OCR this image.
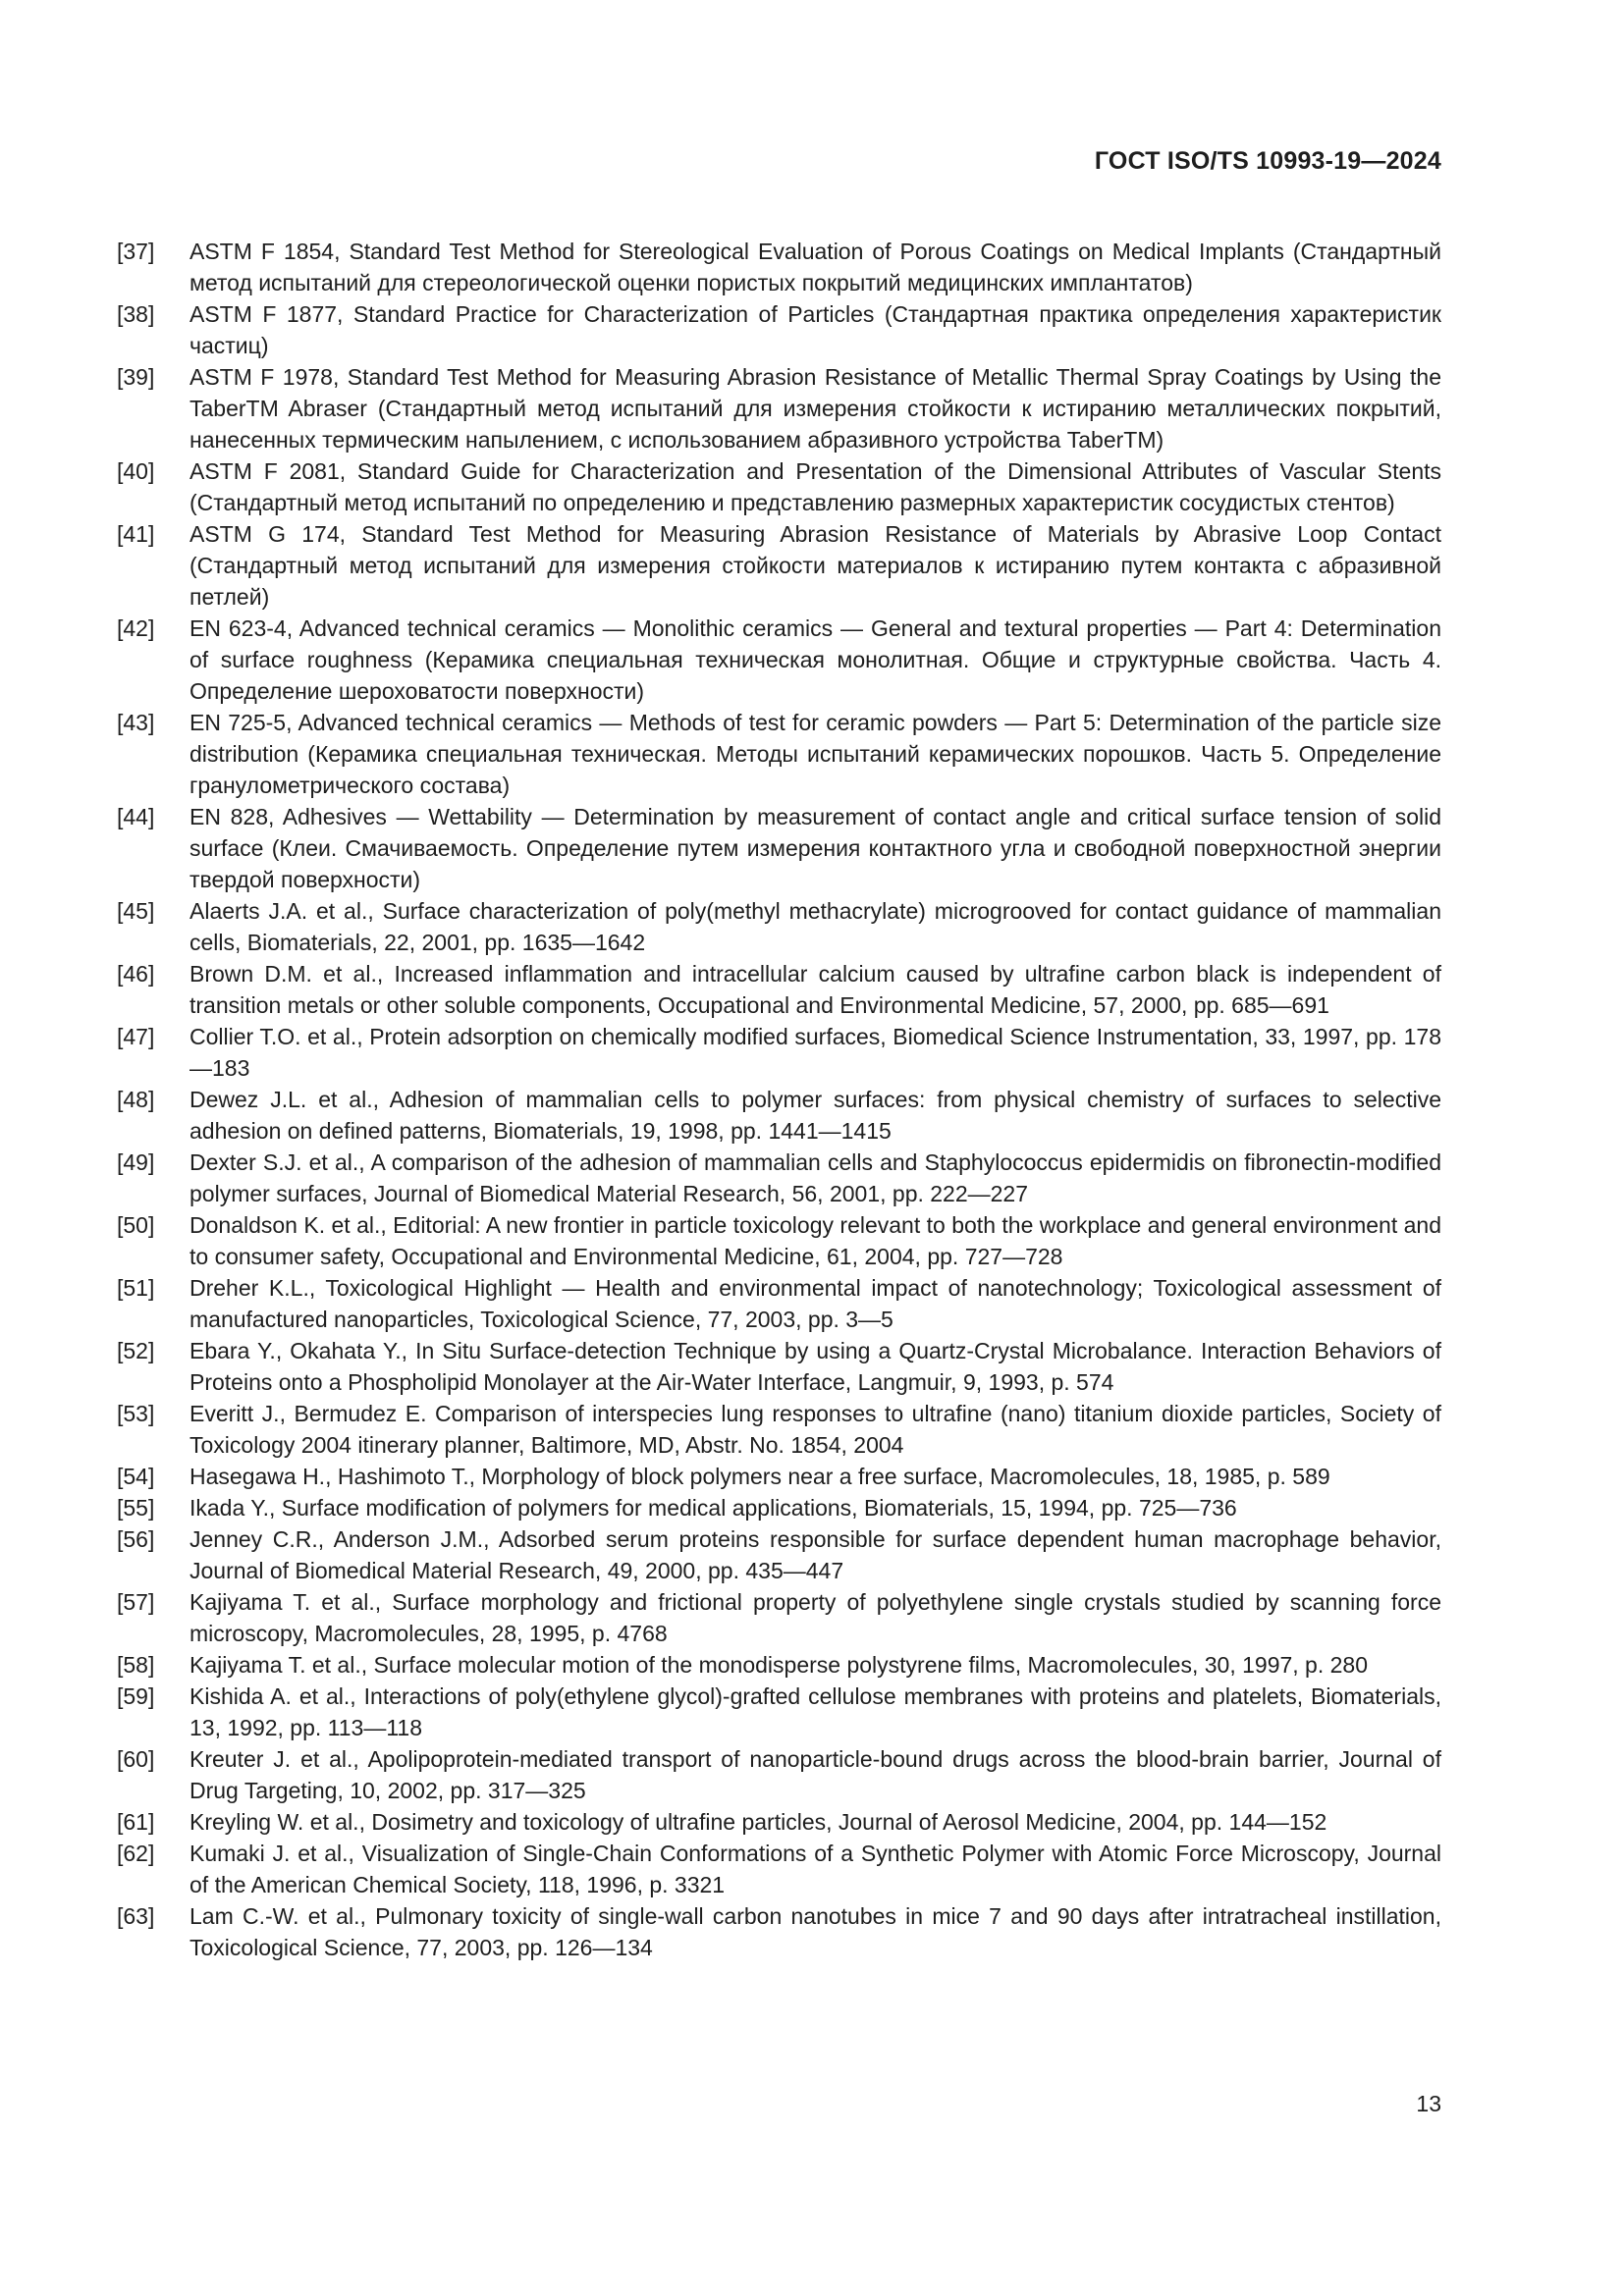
ГОСТ ISO/TS 10993-19—2024
[37]	ASTM F 1854, Standard Test Method for Stereological Evaluation of Porous Coatings on Medical Implants (Стандартный метод испытаний для стереологической оценки пористых покрытий медицинских имплантатов)
[38]	ASTM F 1877, Standard Practice for Characterization of Particles (Стандартная практика определения характеристик частиц)
[39]	ASTM F 1978, Standard Test Method for Measuring Abrasion Resistance of Metallic Thermal Spray Coatings by Using the TaberTM Abraser (Стандартный метод испытаний для измерения стойкости к истиранию металлических покрытий, нанесенных термическим напылением, с использованием абразивного устройства TaberTM)
[40]	ASTM F 2081, Standard Guide for Characterization and Presentation of the Dimensional Attributes of Vascular Stents (Стандартный метод испытаний по определению и представлению размерных характеристик сосудистых стентов)
[41]	ASTM G 174, Standard Test Method for Measuring Abrasion Resistance of Materials by Abrasive Loop Contact (Стандартный метод испытаний для измерения стойкости материалов к истиранию путем контакта с абразивной петлей)
[42]	EN 623-4, Advanced technical ceramics — Monolithic ceramics — General and textural properties — Part 4: Determination of surface roughness (Керамика специальная техническая монолитная. Общие и структурные свойства. Часть 4. Определение шероховатости поверхности)
[43]	EN 725-5, Advanced technical ceramics — Methods of test for ceramic powders — Part 5: Determination of the particle size distribution (Керамика специальная техническая. Методы испытаний керамических порошков. Часть 5. Определение гранулометрического состава)
[44]	EN 828, Adhesives — Wettability — Determination by measurement of contact angle and critical surface tension of solid surface (Клеи. Смачиваемость. Определение путем измерения контактного угла и свободной поверхностной энергии твердой поверхности)
[45]	Alaerts J.A. et al., Surface characterization of poly(methyl methacrylate) microgrooved for contact guidance of mammalian cells, Biomaterials, 22, 2001, pp. 1635—1642
[46]	Brown D.M. et al., Increased inflammation and intracellular calcium caused by ultrafine carbon black is independent of transition metals or other soluble components, Occupational and Environmental Medicine, 57, 2000, pp. 685—691
[47]	Collier T.O. et al., Protein adsorption on chemically modified surfaces, Biomedical Science Instrumentation, 33, 1997, pp. 178—183
[48]	Dewez J.L. et al., Adhesion of mammalian cells to polymer surfaces: from physical chemistry of surfaces to selective adhesion on defined patterns, Biomaterials, 19, 1998, pp. 1441—1415
[49]	Dexter S.J. et al., A comparison of the adhesion of mammalian cells and Staphylococcus epidermidis on fibronectin-modified polymer surfaces, Journal of Biomedical Material Research, 56, 2001, pp. 222—227
[50]	Donaldson K. et al., Editorial: A new frontier in particle toxicology relevant to both the workplace and general environment and to consumer safety, Occupational and Environmental Medicine, 61, 2004, pp. 727—728
[51]	Dreher K.L., Toxicological Highlight — Health and environmental impact of nanotechnology; Toxicological assessment of manufactured nanoparticles, Toxicological Science, 77, 2003, pp. 3—5
[52]	Ebara Y., Okahata Y., In Situ Surface-detection Technique by using a Quartz-Crystal Microbalance. Interaction Behaviors of Proteins onto a Phospholipid Monolayer at the Air-Water Interface, Langmuir, 9, 1993, p. 574
[53]	Everitt J., Bermudez E. Comparison of interspecies lung responses to ultrafine (nano) titanium dioxide particles, Society of Toxicology 2004 itinerary planner, Baltimore, MD, Abstr. No. 1854, 2004
[54]	Hasegawa H., Hashimoto T., Morphology of block polymers near a free surface, Macromolecules, 18, 1985, p. 589
[55]	Ikada Y., Surface modification of polymers for medical applications, Biomaterials, 15, 1994, pp. 725—736
[56]	Jenney C.R., Anderson J.M., Adsorbed serum proteins responsible for surface dependent human macrophage behavior, Journal of Biomedical Material Research, 49, 2000, pp. 435—447
[57]	Kajiyama T. et al., Surface morphology and frictional property of polyethylene single crystals studied by scanning force microscopy, Macromolecules, 28, 1995, p. 4768
[58]	Kajiyama T. et al., Surface molecular motion of the monodisperse polystyrene films, Macromolecules, 30, 1997, p. 280
[59]	Kishida A. et al., Interactions of poly(ethylene glycol)-grafted cellulose membranes with proteins and platelets, Biomaterials, 13, 1992, pp. 113—118
[60]	Kreuter J. et al., Apolipoprotein-mediated transport of nanoparticle-bound drugs across the blood-brain barrier, Journal of Drug Targeting, 10, 2002, pp. 317—325
[61]	Kreyling W. et al., Dosimetry and toxicology of ultrafine particles, Journal of Aerosol Medicine, 2004, pp. 144—152
[62]	Kumaki J. et al., Visualization of Single-Chain Conformations of a Synthetic Polymer with Atomic Force Microscopy, Journal of the American Chemical Society, 118, 1996, p. 3321
[63]	Lam C.-W. et al., Pulmonary toxicity of single-wall carbon nanotubes in mice 7 and 90 days after intratracheal instillation, Toxicological Science, 77, 2003, pp. 126—134
13
